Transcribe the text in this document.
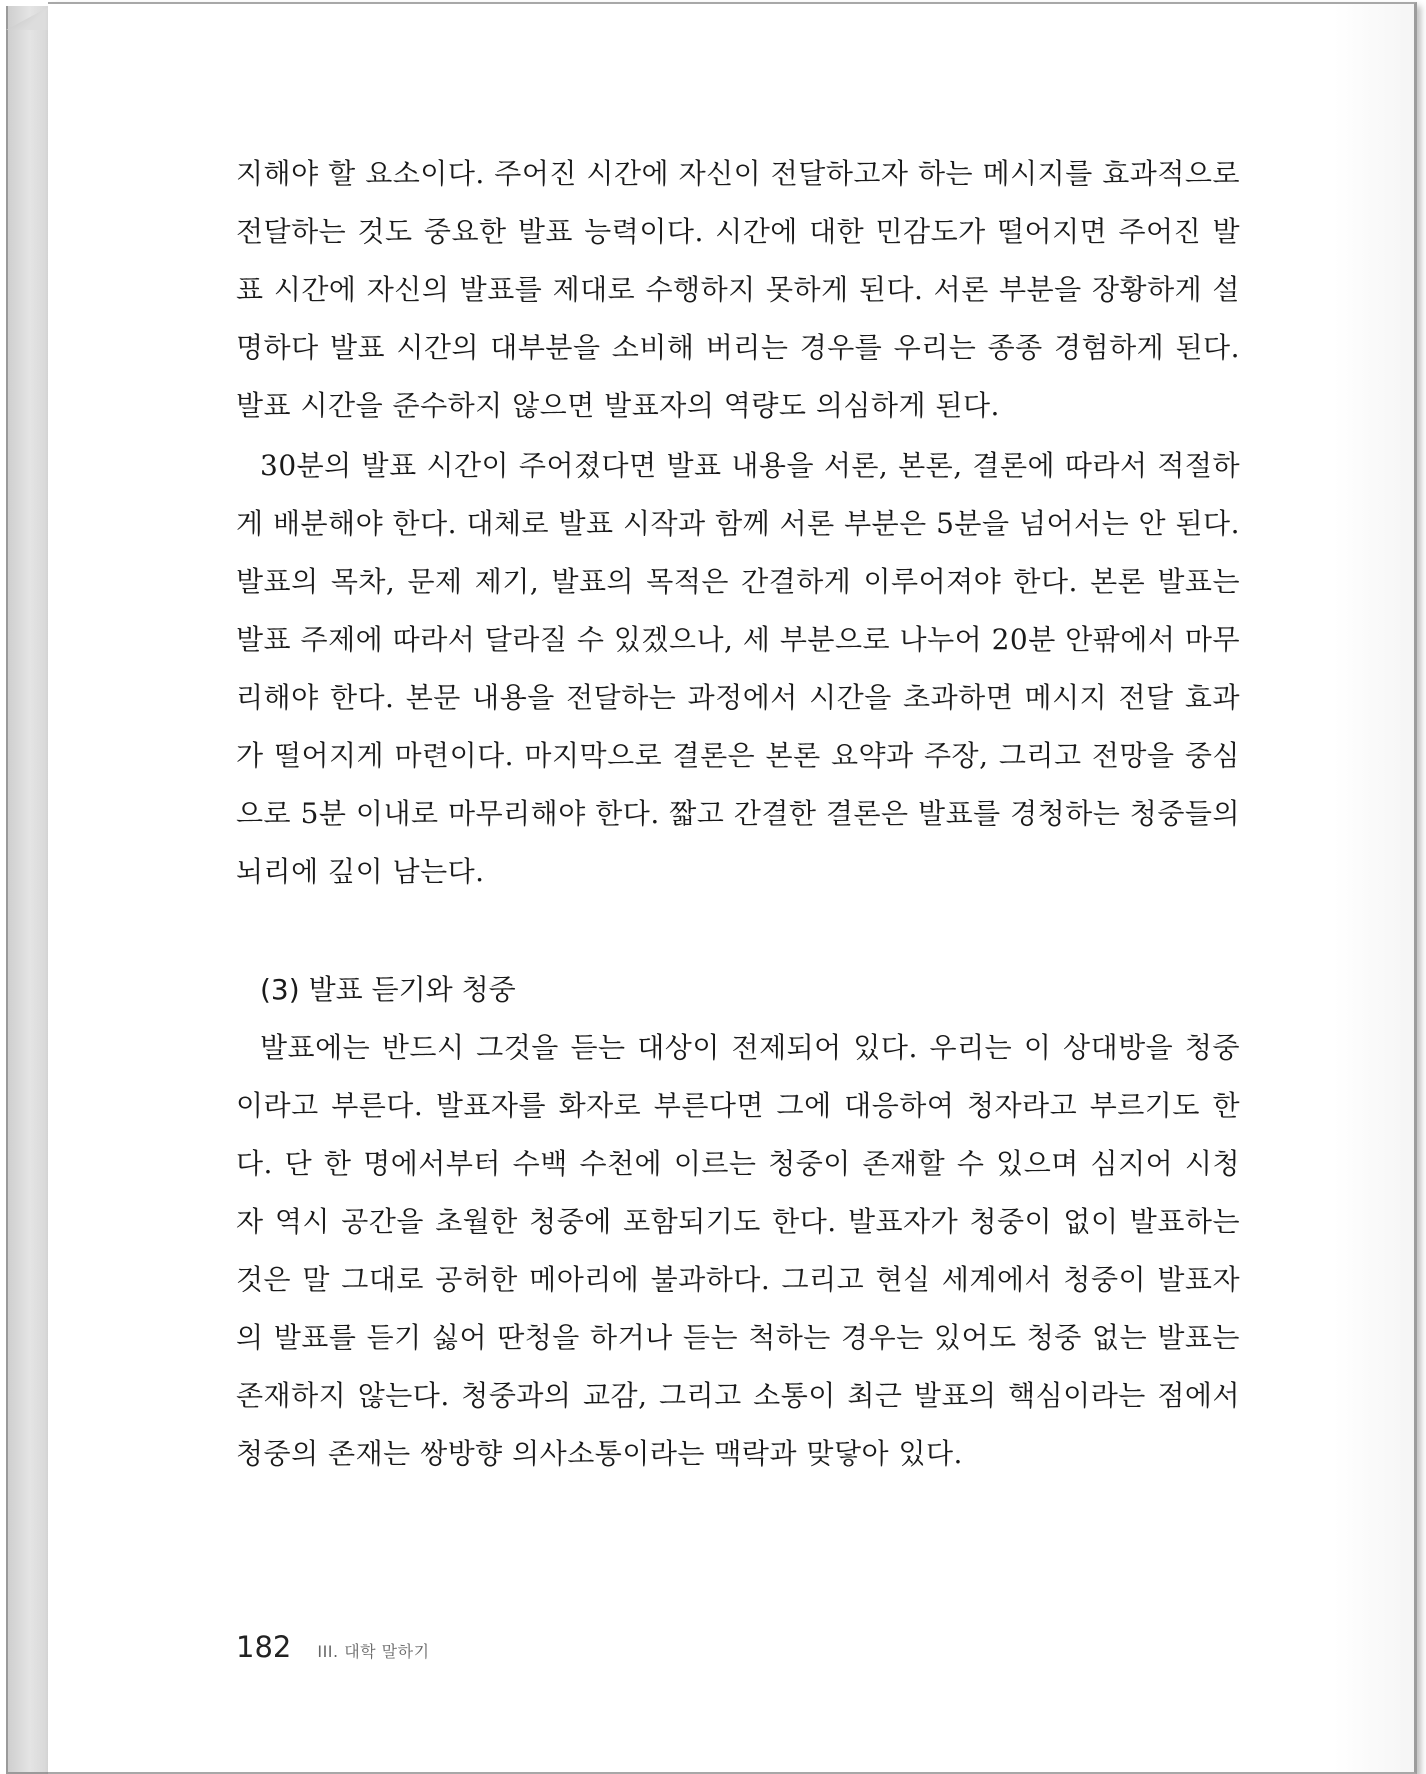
지해야 할 요소이다. 주어진 시간에 자신이 전달하고자 하는 메시지를 효과적으로
전달하는 것도 중요한 발표 능력이다. 시간에 대한 민감도가 떨어지면 주어진 발
표 시간에 자신의 발표를 제대로 수행하지 못하게 된다. 서론 부분을 장황하게 설
명하다 발표 시간의 대부분을 소비해 버리는 경우를 우리는 종종 경험하게 된다.
발표 시간을 준수하지 않으면 발표자의 역량도 의심하게 된다.
30분의 발표 시간이 주어졌다면 발표 내용을 서론, 본론, 결론에 따라서 적절하
게 배분해야 한다. 대체로 발표 시작과 함께 서론 부분은 5분을 넘어서는 안 된다.
발표의 목차, 문제 제기, 발표의 목적은 간결하게 이루어져야 한다. 본론 발표는
발표 주제에 따라서 달라질 수 있겠으나, 세 부분으로 나누어 20분 안팎에서 마무
리해야 한다. 본문 내용을 전달하는 과정에서 시간을 초과하면 메시지 전달 효과
가 떨어지게 마련이다. 마지막으로 결론은 본론 요약과 주장, 그리고 전망을 중심
으로 5분 이내로 마무리해야 한다. 짧고 간결한 결론은 발표를 경청하는 청중들의
뇌리에 깊이 남는다.
(3) 발표 듣기와 청중
발표에는 반드시 그것을 듣는 대상이 전제되어 있다. 우리는 이 상대방을 청중
이라고 부른다. 발표자를 화자로 부른다면 그에 대응하여 청자라고 부르기도 한
다. 단 한 명에서부터 수백 수천에 이르는 청중이 존재할 수 있으며 심지어 시청
자 역시 공간을 초월한 청중에 포함되기도 한다. 발표자가 청중이 없이 발표하는
것은 말 그대로 공허한 메아리에 불과하다. 그리고 현실 세계에서 청중이 발표자
의 발표를 듣기 싫어 딴청을 하거나 듣는 척하는 경우는 있어도 청중 없는 발표는
존재하지 않는다. 청중과의 교감, 그리고 소통이 최근 발표의 핵심이라는 점에서
청중의 존재는 쌍방향 의사소통이라는 맥락과 맞닿아 있다.
182 III. 대학 말하기
